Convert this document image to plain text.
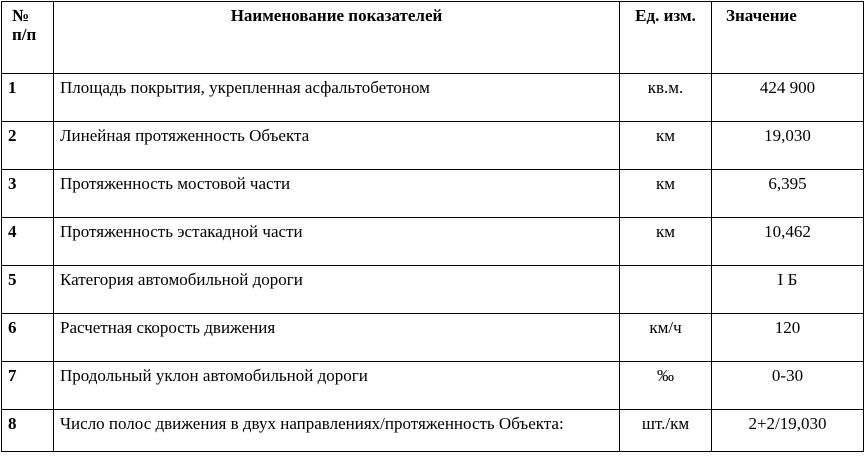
№ п/п	Наименование показателей	Ед. изм.	Значение
1	Площадь покрытия, укрепленная асфальтобетоном	кв.м.	424 900
2	Линейная протяженность Объекта	км	19,030
3	Протяженность мостовой части	км	6,395
4	Протяженность эстакадной части	км	10,462
5	Категория автомобильной дороги		I Б
6	Расчетная скорость движения	км/ч	120
7	Продольный уклон автомобильной дороги	‰	0-30
8	Число полос движения в двух направлениях/протяженность Объекта:	шт./км	2+2/19,030
